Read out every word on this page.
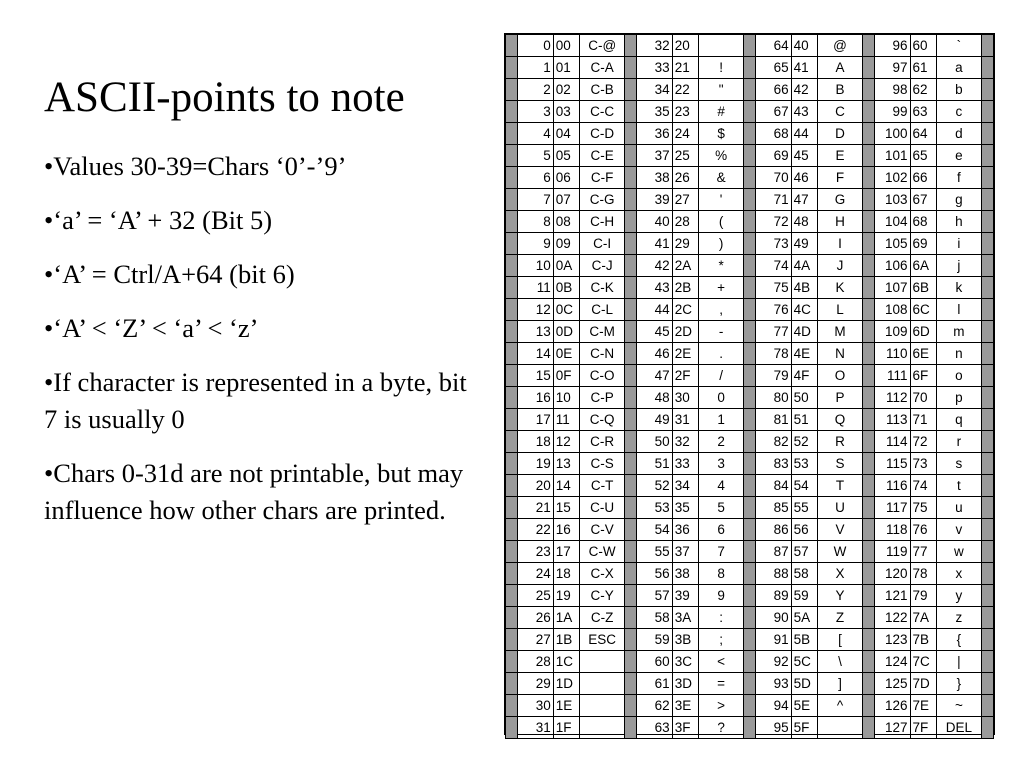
ASCII-points to note
•Values 30-39=Chars ‘0’-’9’
•‘a’ = ‘A’ + 32 (Bit 5)
•‘A’ = Ctrl/A+64 (bit 6)
•‘A’ < ‘Z’ < ‘a’ < ‘z’
•If character is represented in a byte, bit 7 is usually 0
•Chars 0-31d are not printable, but may influence how other chars are printed.
	0	00	C-@		32	20			64	40	@		96	60	`	
	1	01	C-A		33	21	!		65	41	A		97	61	a	
	2	02	C-B		34	22	"		66	42	B		98	62	b	
	3	03	C-C		35	23	#		67	43	C		99	63	c	
	4	04	C-D		36	24	$		68	44	D		100	64	d	
	5	05	C-E		37	25	%		69	45	E		101	65	e	
	6	06	C-F		38	26	&		70	46	F		102	66	f	
	7	07	C-G		39	27	'		71	47	G		103	67	g	
	8	08	C-H		40	28	(		72	48	H		104	68	h	
	9	09	C-I		41	29	)		73	49	I		105	69	i	
	10	0A	C-J		42	2A	*		74	4A	J		106	6A	j	
	11	0B	C-K		43	2B	+		75	4B	K		107	6B	k	
	12	0C	C-L		44	2C	,		76	4C	L		108	6C	l	
	13	0D	C-M		45	2D	-		77	4D	M		109	6D	m	
	14	0E	C-N		46	2E	.		78	4E	N		110	6E	n	
	15	0F	C-O		47	2F	/		79	4F	O		111	6F	o	
	16	10	C-P		48	30	0		80	50	P		112	70	p	
	17	11	C-Q		49	31	1		81	51	Q		113	71	q	
	18	12	C-R		50	32	2		82	52	R		114	72	r	
	19	13	C-S		51	33	3		83	53	S		115	73	s	
	20	14	C-T		52	34	4		84	54	T		116	74	t	
	21	15	C-U		53	35	5		85	55	U		117	75	u	
	22	16	C-V		54	36	6		86	56	V		118	76	v	
	23	17	C-W		55	37	7		87	57	W		119	77	w	
	24	18	C-X		56	38	8		88	58	X		120	78	x	
	25	19	C-Y		57	39	9		89	59	Y		121	79	y	
	26	1A	C-Z		58	3A	:		90	5A	Z		122	7A	z	
	27	1B	ESC		59	3B	;		91	5B	[		123	7B	{	
	28	1C			60	3C	<		92	5C	\		124	7C	|	
	29	1D			61	3D	=		93	5D	]		125	7D	}	
	30	1E			62	3E	>		94	5E	^		126	7E	~	
	31	1F			63	3F	?		95	5F	_		127	7F	DEL	
